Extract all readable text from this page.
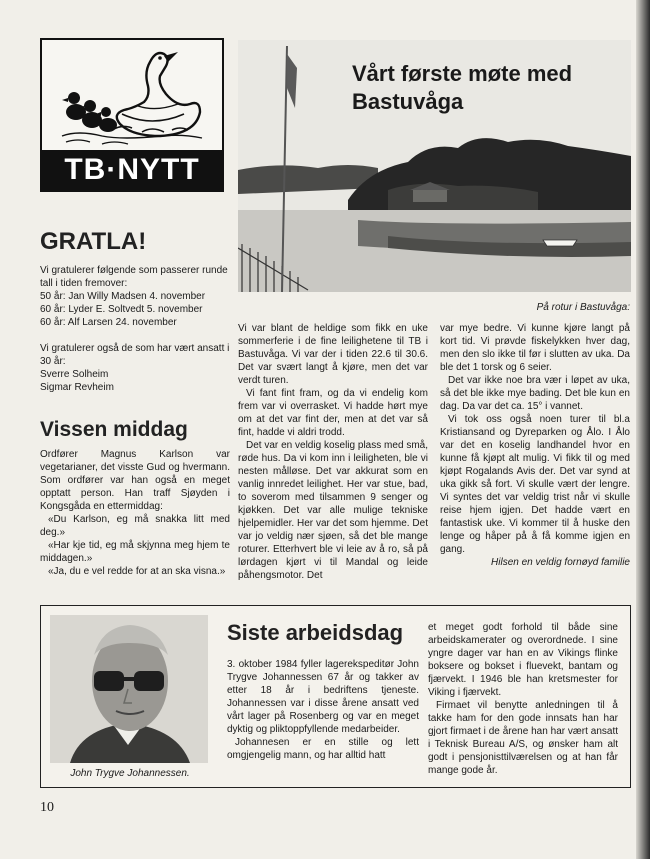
TB·NYTT
Vårt første møte med Bastuvåga
På rotur i Bastuvåga:
GRATLA!

Vi gratulerer følgende som passerer runde tall i tiden fremover:

50 år: Jan Willy Madsen 4. november

60 år: Lyder E. Soltvedt 5. november

60 år: Alf Larsen 24. november

Vi gratulerer også de som har vært ansatt i 30 år:

Sverre Solheim

Sigmar Revheim

Vissen middag

Ordfører Magnus Karlson var vegetarianer, det visste Gud og hvermann. Som ordfører var han også en meget opptatt person. Han traff Sjøyden i Kongsgåda en ettermiddag:

«Du Karlson, eg må snakka litt med deg.»

«Har kje tid, eg må skjynna meg hjem te middagen.»

«Ja, du e vel redde for at an ska visna.»

Vi var blant de heldige som fikk en uke sommerferie i de fine leilighetene til TB i Bastuvåga. Vi var der i tiden 22.6 til 30.6. Det var svært langt å kjøre, men det var verdt turen.

Vi fant fint fram, og da vi endelig kom frem var vi overrasket. Vi hadde hørt mye om at det var fint der, men at det var så fint, hadde vi aldri trodd.

Det var en veldig koselig plass med små, røde hus. Da vi kom inn i leiligheten, ble vi nesten målløse. Det var akkurat som en vanlig innredet leilighet. Her var stue, bad, to soverom med tilsammen 9 senger og kjøkken. Det var alle mulige tekniske hjelpemidler. Her var det som hjemme. Det var jo veldig nær sjøen, så det ble mange roturer. Etterhvert ble vi leie av å ro, så på lørdagen kjørt vi til Mandal og leide påhengsmotor. Det

var mye bedre. Vi kunne kjøre langt på kort tid. Vi prøvde fiskelykken hver dag, men den slo ikke til før i slutten av uka. Da ble det 1 torsk og 6 seier.

Det var ikke noe bra vær i løpet av uka, så det ble ikke mye bading. Det ble kun en dag. Da var det ca. 15° i vannet.

Vi tok oss også noen turer til bl.a Kristiansand og Dyreparken og Ålo. I Ålo var det en koselig landhandel hvor en kunne få kjøpt alt mulig. Vi fikk til og med kjøpt Rogalands Avis der. Det var synd at uka gikk så fort. Vi skulle vært der lengre. Vi syntes det var veldig trist når vi skulle reise hjem igjen. Det hadde vært en fantastisk uke. Vi kommer til å huske den lenge og håper på å få komme igjen en gang.

Hilsen en veldig fornøyd familie

John Trygve Johannessen.
Siste arbeidsdag

3. oktober 1984 fyller lagerekspeditør John Trygve Johannessen 67 år og takker av etter 18 år i bedriftens tjeneste. Johannessen var i disse årene ansatt ved vårt lager på Rosenberg og var en meget dyktig og pliktoppfyllende medarbeider.

Johannesen er en stille og lett omgjengelig mann, og har alltid hatt

et meget godt forhold til både sine arbeidskamerater og overordnede. I sine yngre dager var han en av Vikings flinke boksere og bokset i fluevekt, bantam og fjærvekt. I 1946 ble han kretsmester for Viking i fjærvekt.

Firmaet vil benytte anledningen til å takke ham for den gode innsats han har gjort firmaet i de årene han har vært ansatt i Teknisk Bureau A/S, og ønsker ham alt godt i pensjonisttilværelsen og at han får mange gode år.

10
